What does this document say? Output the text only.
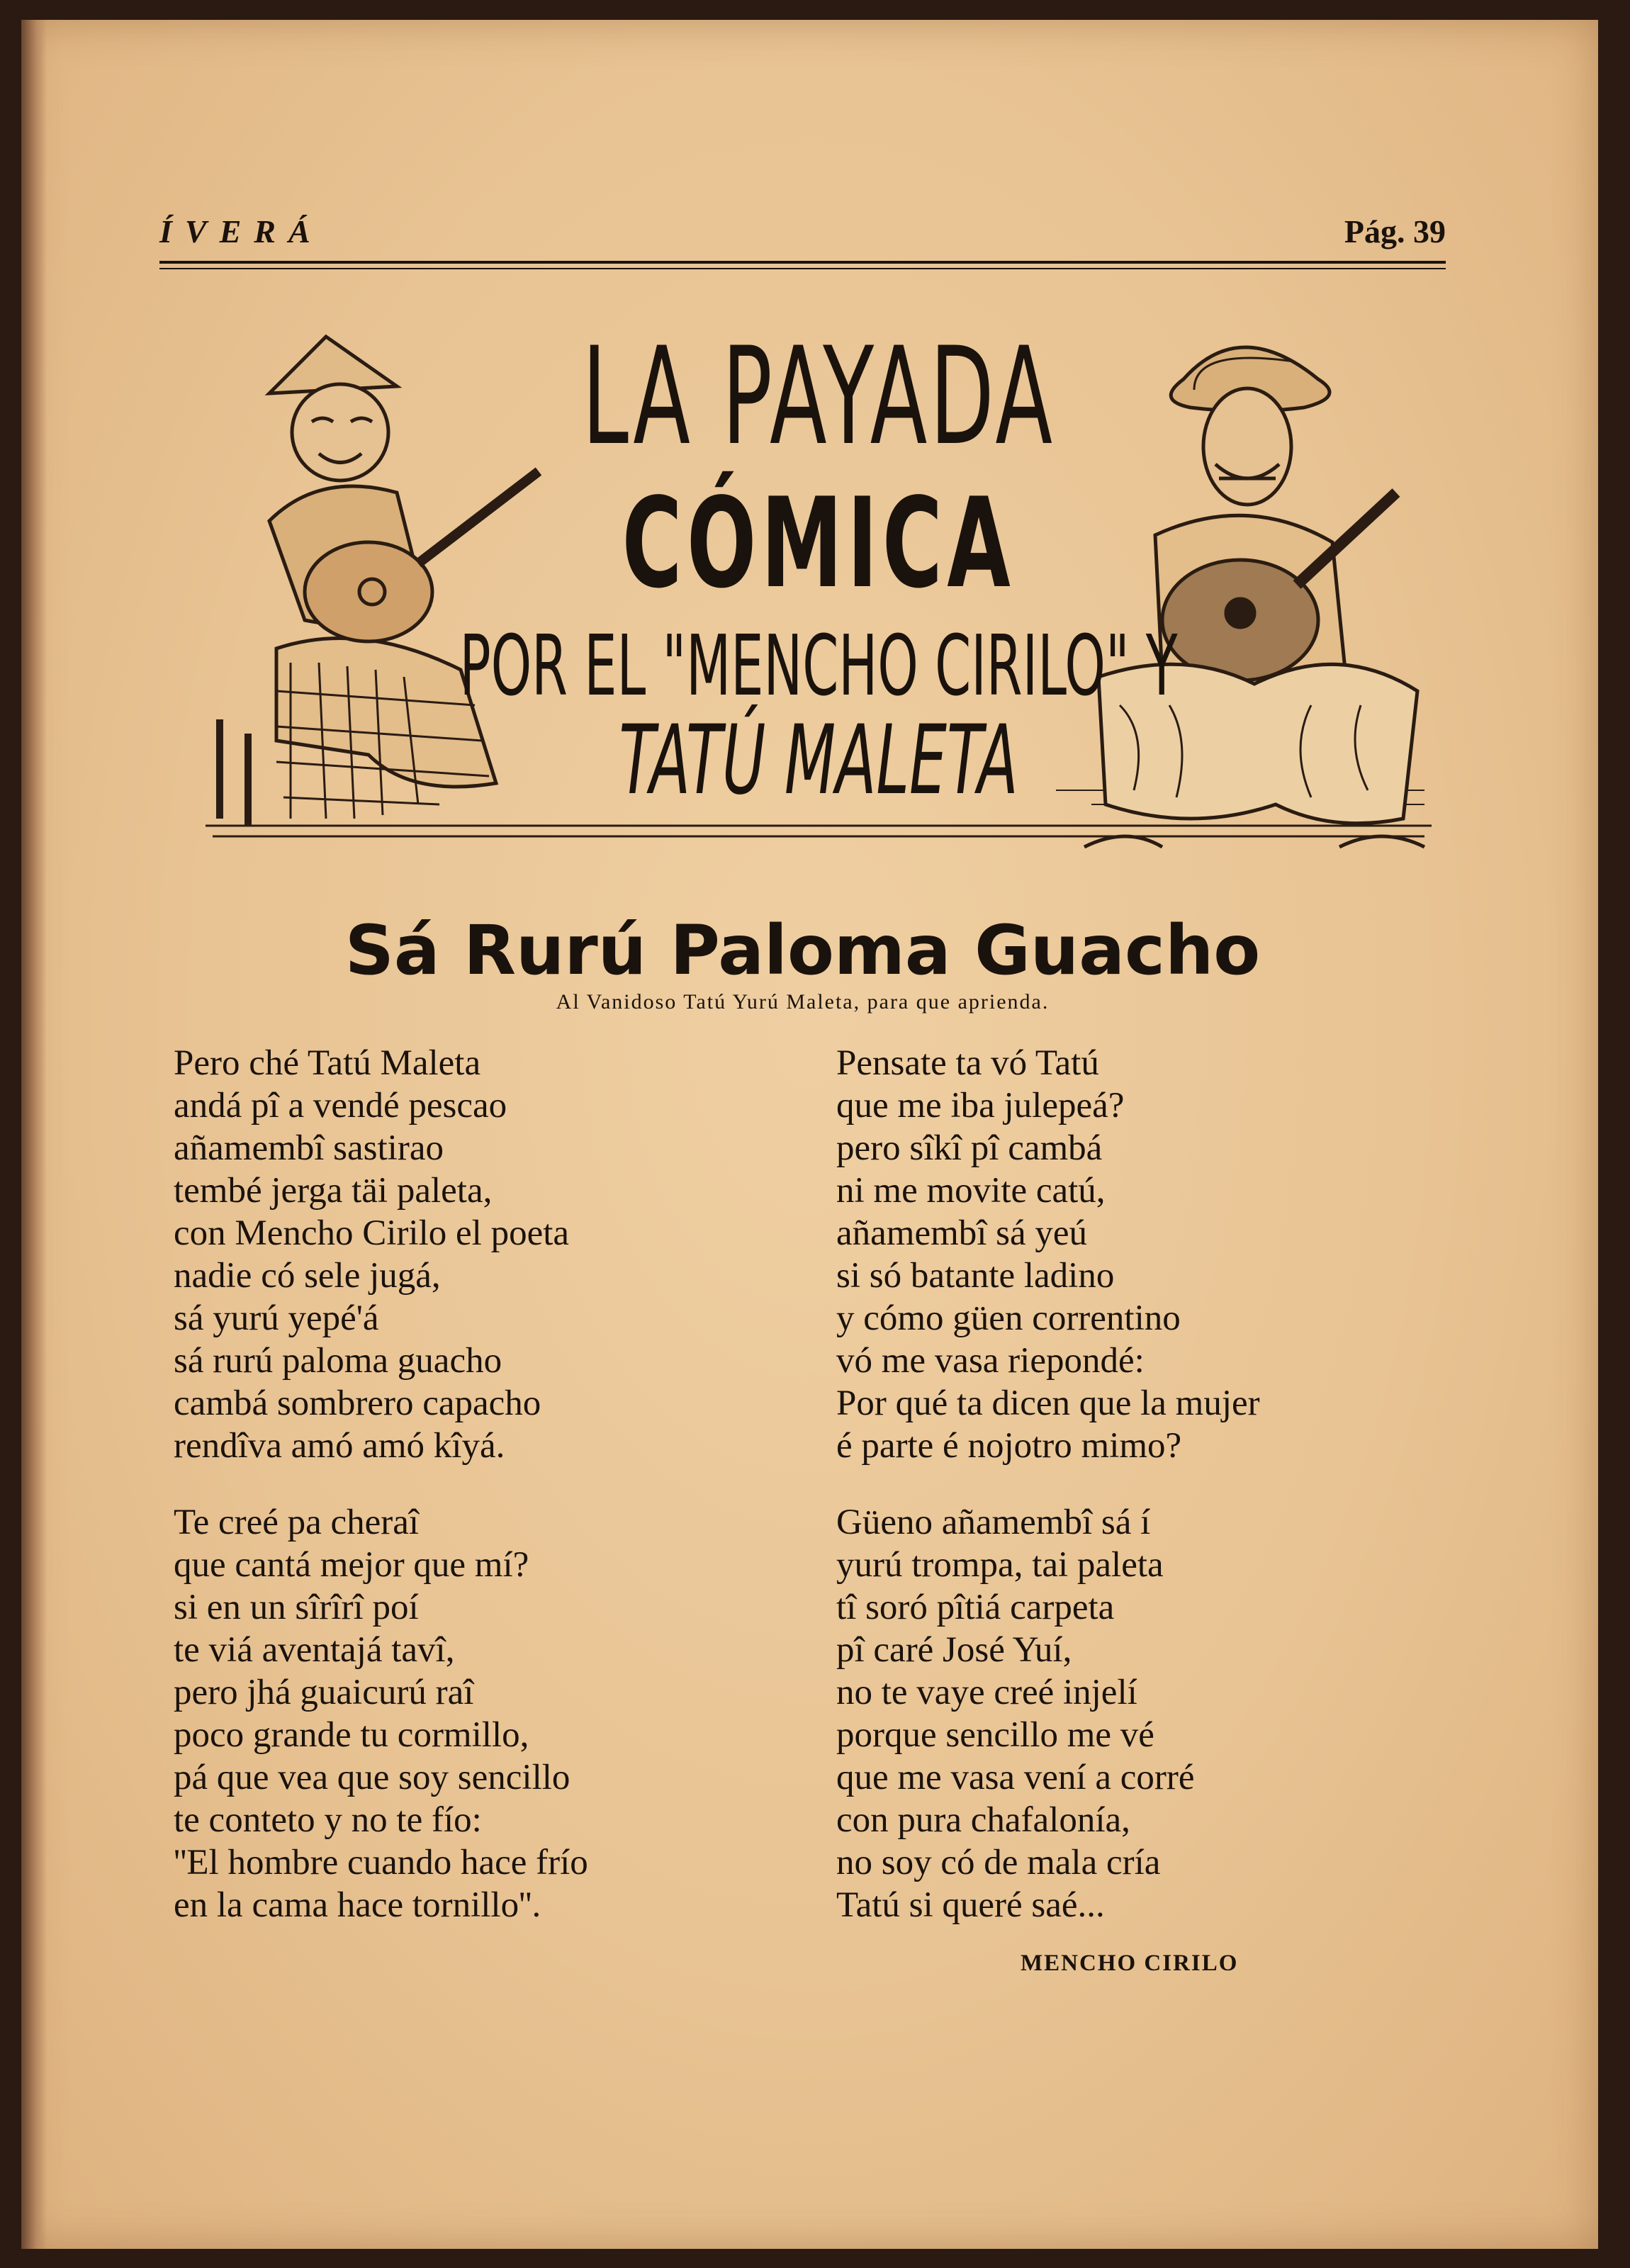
ÍVERÁ	Pág. 39
LA PAYADA
CÓMICA
POR EL "MENCHO CIRILO" Y
TATÚ MALETA
Sá Rurú Paloma Guacho
Al Vanidoso Tatú Yurú Maleta, para que aprienda.
Pero ché Tatú Maleta
andá pî a vendé pescao
añamembî sastirao
tembé jerga täi paleta,
con Mencho Cirilo el poeta
nadie có sele jugá,
sá yurú yepé'á
sá rurú paloma guacho
cambá sombrero capacho
rendîva amó amó kîyá.
Te creé pa cheraî
que cantá mejor que mí?
si en un sîrîrî poí
te viá aventajá tavî,
pero jhá guaicurú raî
poco grande tu cormillo,
pá que vea que soy sencillo
te conteto y no te fío:
''El hombre cuando hace frío
en la cama hace tornillo''.
Pensate ta vó Tatú
que me iba julepeá?
pero sîkî pî cambá
ni me movite catú,
añamembî sá yeú
si só batante ladino
y cómo güen correntino
vó me vasa riepondé:
Por qué ta dicen que la mujer
é parte é nojotro mimo?
Güeno añamembî sá í
yurú trompa, tai paleta
tî soró pîtiá carpeta
pî caré José Yuí,
no te vaye creé injelí
porque sencillo me vé
que me vasa vení a corré
con pura chafalonía,
no soy có de mala cría
Tatú si queré saé...
MENCHO CIRILO
